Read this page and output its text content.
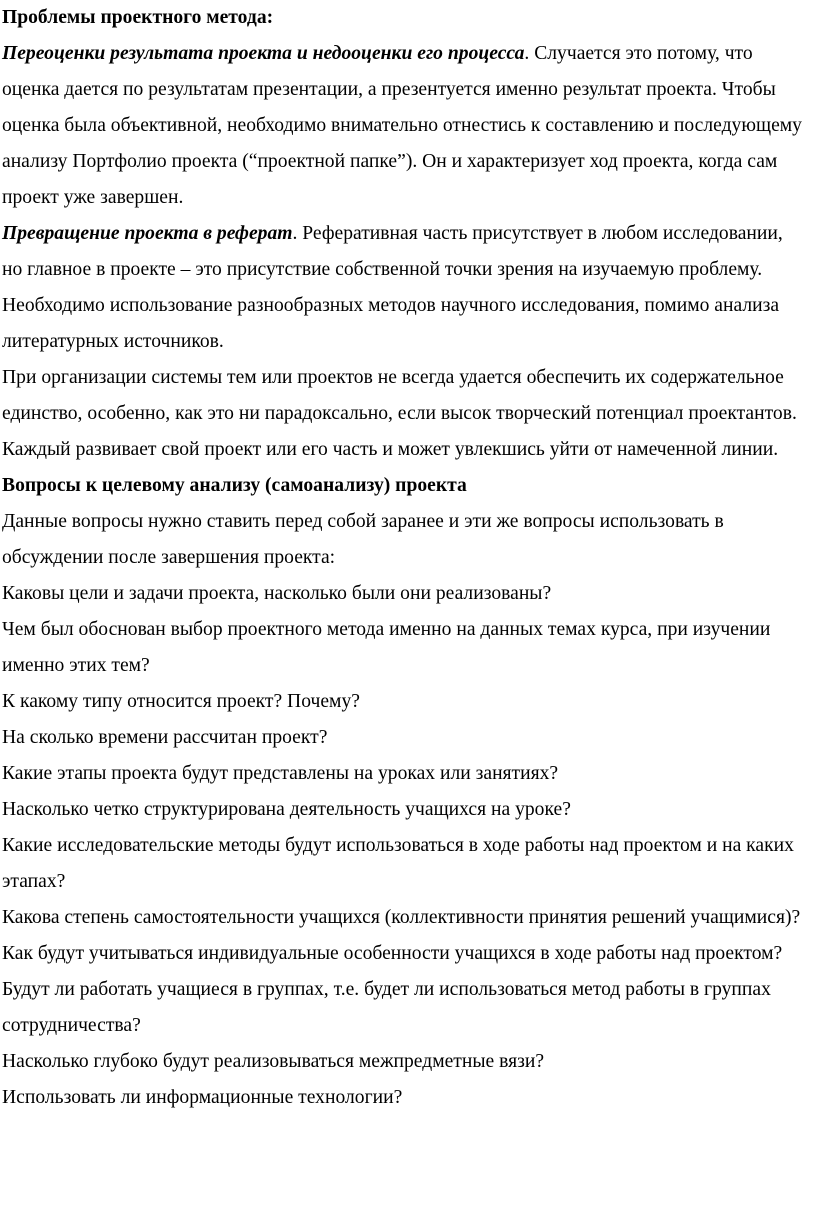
Проблемы проектного метода:

Переоценки результата проекта и недооценки его процесса. Случается это потому, что оценка дается по результатам презентации, а презентуется именно результат проекта. Чтобы оценка была объективной, необходимо внимательно отнестись к составлению и последующему анализу Портфолио проекта (“проектной папке”). Он и характеризует ход проекта, когда сам проект уже завершен.

Превращение проекта в реферат. Реферативная часть присутствует в любом исследовании, но главное в проекте – это присутствие собственной точки зрения на изучаемую проблему. Необходимо использование разнообразных методов научного исследования, помимо анализа литературных источников.

При организации системы тем или проектов не всегда удается обеспечить их содержательное единство, особенно, как это ни парадоксально, если высок творческий потенциал проектантов. Каждый развивает свой проект или его часть и может увлекшись уйти от намеченной линии.

Вопросы к целевому анализу (самоанализу) проекта

Данные вопросы нужно ставить перед собой заранее и эти же вопросы использовать в обсуждении после завершения проекта:

Каковы цели и задачи проекта, насколько были они реализованы?

Чем был обоснован выбор проектного метода именно на данных темах курса, при изучении именно этих тем?

К какому типу относится проект? Почему?

На сколько времени рассчитан проект?

Какие этапы проекта будут представлены на уроках или занятиях?

Насколько четко структурирована деятельность учащихся на уроке?

Какие исследовательские методы будут использоваться в ходе работы над проектом и на каких этапах?

Какова степень самостоятельности учащихся (коллективности принятия решений учащимися)?

Как будут учитываться индивидуальные особенности учащихся в ходе работы над проектом?

Будут ли работать учащиеся в группах, т.е. будет ли использоваться метод работы в группах сотрудничества?

Насколько глубоко будут реализовываться межпредметные вязи?

Использовать ли информационные технологии?
